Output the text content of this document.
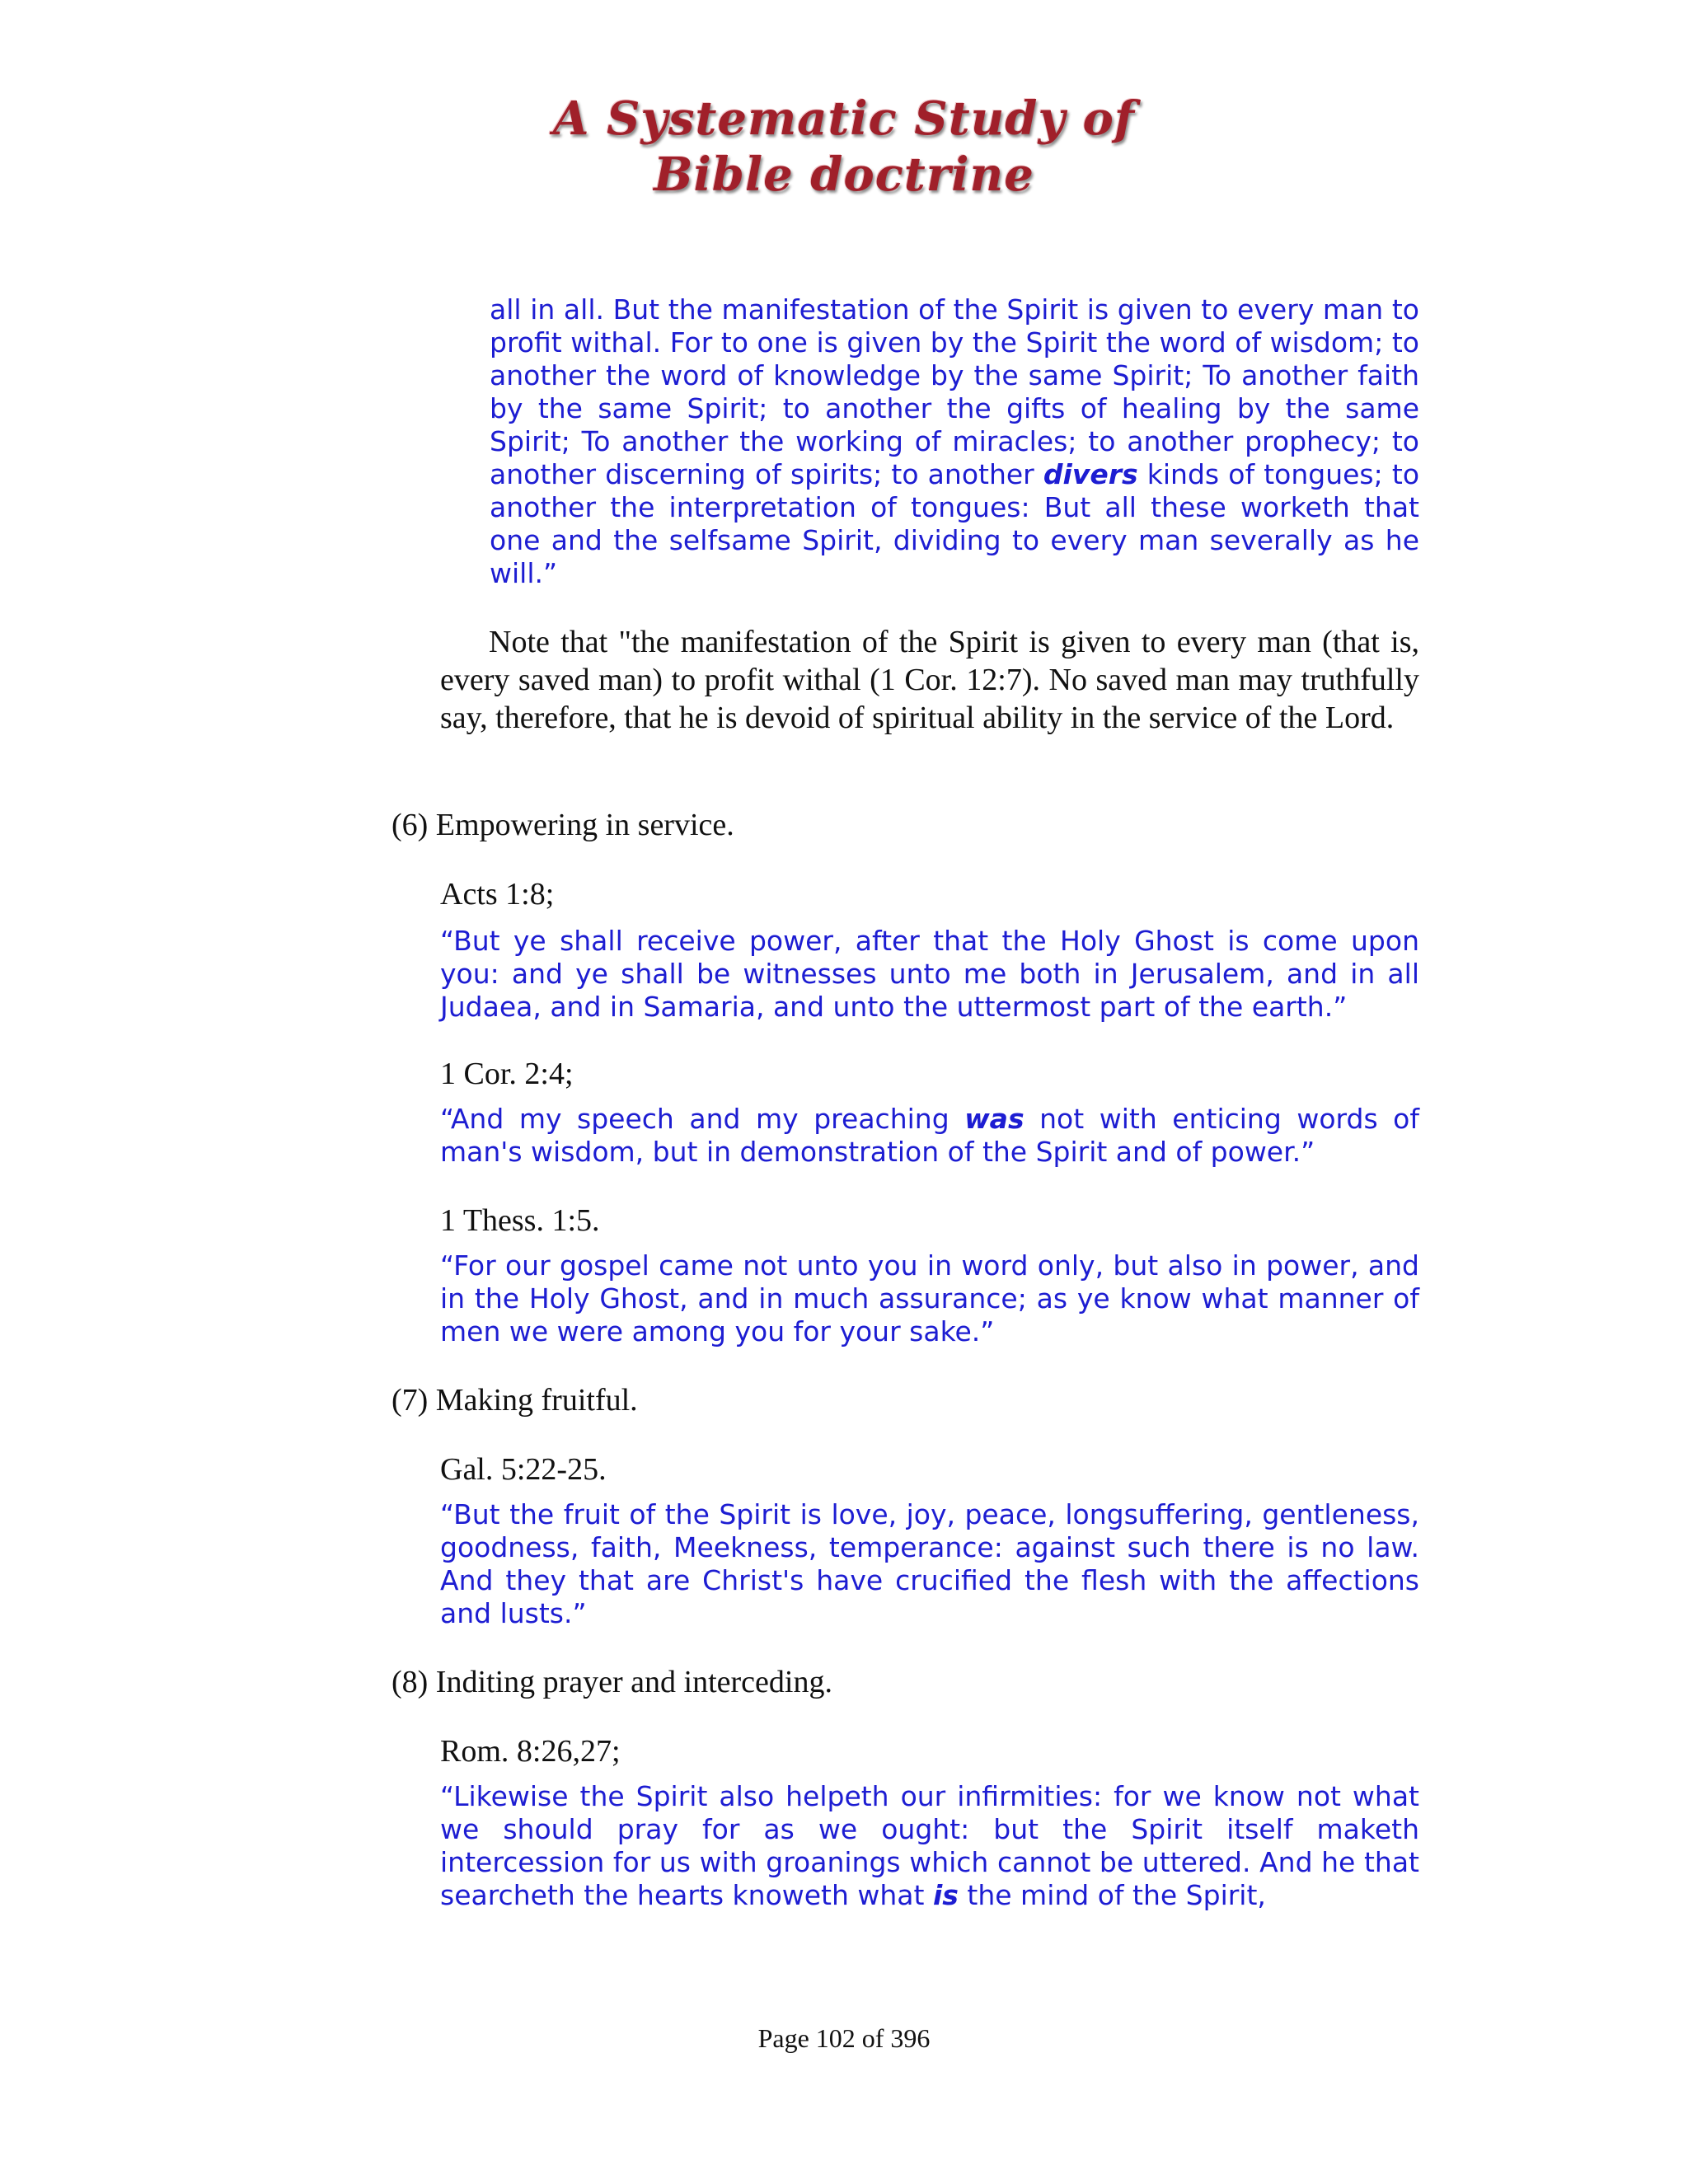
A Systematic Study of
Bible doctrine

all in all. But the manifestation of the Spirit is given to every man to profit withal. For to one is given by the Spirit the word of wisdom; to another the word of knowledge by the same Spirit; To another faith by the same Spirit; to another the gifts of healing by the same Spirit; To another the working of miracles; to another prophecy; to another discerning of spirits; to another divers kinds of tongues; to another the interpretation of tongues: But all these worketh that one and the selfsame Spirit, dividing to every man severally as he will.”

Note that "the manifestation of the Spirit is given to every man (that is, every saved man) to profit withal (1 Cor. 12:7). No saved man may truthfully say, therefore, that he is devoid of spiritual ability in the service of the Lord.

(6) Empowering in service.

Acts 1:8;

“But ye shall receive power, after that the Holy Ghost is come upon you: and ye shall be witnesses unto me both in Jerusalem, and in all Judaea, and in Samaria, and unto the uttermost part of the earth.”

1 Cor. 2:4;

“And my speech and my preaching was not with enticing words of man's wisdom, but in demonstration of the Spirit and of power.”

1 Thess. 1:5.

“For our gospel came not unto you in word only, but also in power, and in the Holy Ghost, and in much assurance; as ye know what manner of men we were among you for your sake.”

(7) Making fruitful.

Gal. 5:22-25.

“But the fruit of the Spirit is love, joy, peace, longsuffering, gentleness, goodness, faith, Meekness, temperance: against such there is no law. And they that are Christ's have crucified the flesh with the affections and lusts.”

(8) Inditing prayer and interceding.

Rom. 8:26,27;

“Likewise the Spirit also helpeth our infirmities: for we know not what we should pray for as we ought: but the Spirit itself maketh intercession for us with groanings which cannot be uttered. And he that searcheth the hearts knoweth what is the mind of the Spirit,

Page 102 of 396
